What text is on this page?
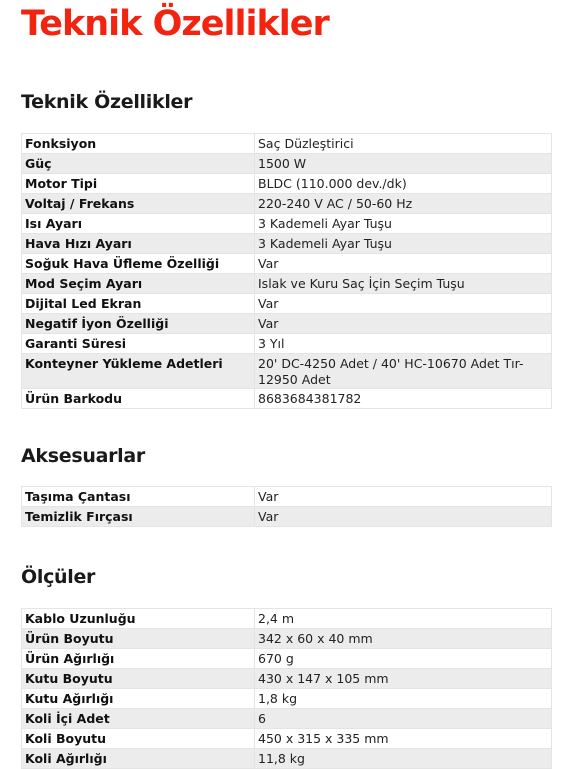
Teknik Özellikler
Teknik Özellikler
Fonksiyon	Saç Düzleştirici
Güç	1500 W
Motor Tipi	BLDC (110.000 dev./dk)
Voltaj / Frekans	220-240 V AC / 50-60 Hz
Isı Ayarı	3 Kademeli Ayar Tuşu
Hava Hızı Ayarı	3 Kademeli Ayar Tuşu
Soğuk Hava Üfleme Özelliği	Var
Mod Seçim Ayarı	Islak ve Kuru Saç İçin Seçim Tuşu
Dijital Led Ekran	Var
Negatif İyon Özelliği	Var
Garanti Süresi	3 Yıl
Konteyner Yükleme Adetleri	20' DC-4250 Adet / 40' HC-10670 Adet Tır-12950 Adet
Ürün Barkodu	8683684381782
Aksesuarlar
Taşıma Çantası	Var
Temizlik Fırçası	Var
Ölçüler
Kablo Uzunluğu	2,4 m
Ürün Boyutu	342 x 60 x 40 mm
Ürün Ağırlığı	670 g
Kutu Boyutu	430 x 147 x 105 mm
Kutu Ağırlığı	1,8 kg
Koli İçi Adet	6
Koli Boyutu	450 x 315 x 335 mm
Koli Ağırlığı	11,8 kg
